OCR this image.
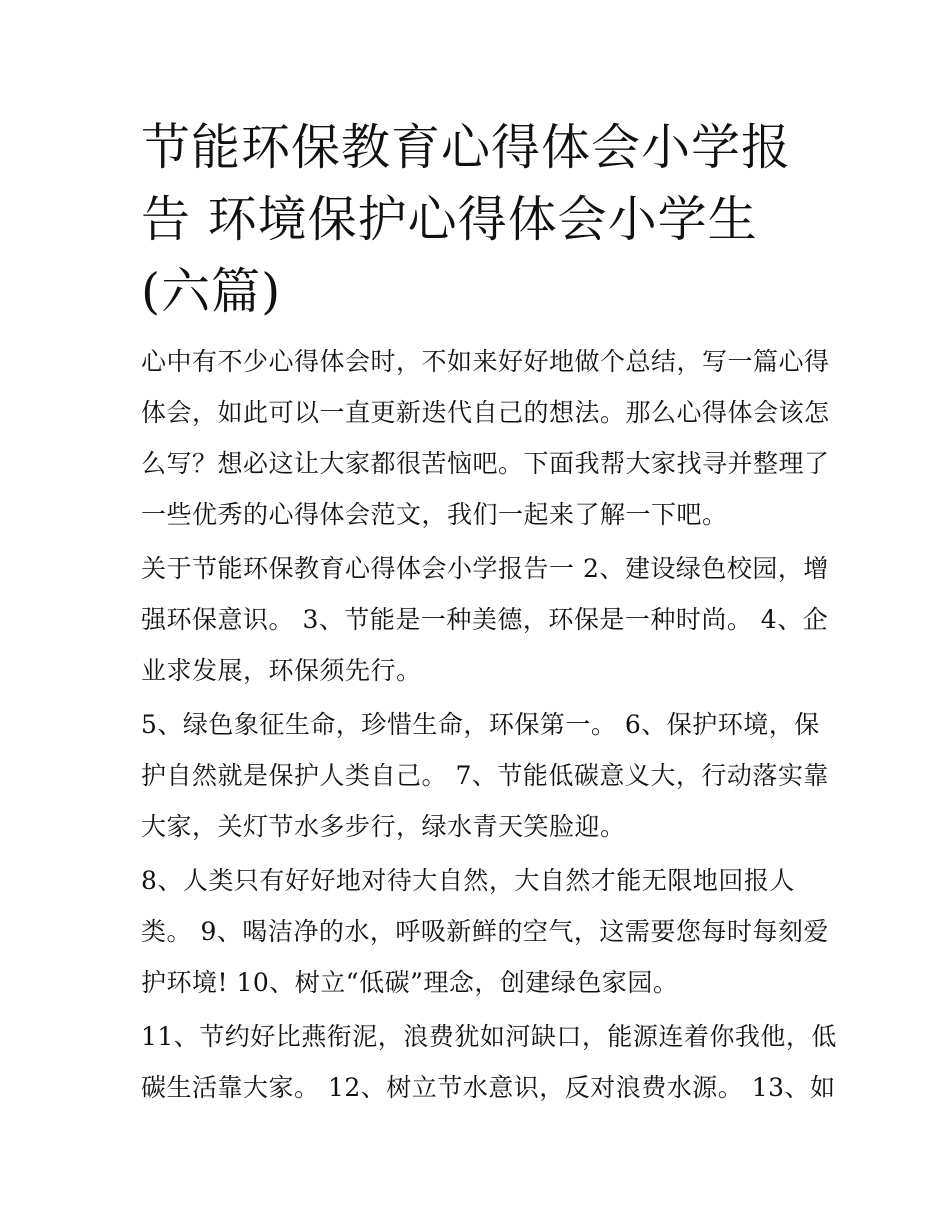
节能环保教育心得体会小学报
告 环境保护心得体会小学生
(六篇)

心中有不少心得体会时，不如来好好地做个总结，写一篇心得
体会，如此可以一直更新迭代自己的想法。那么心得体会该怎
么写？想必这让大家都很苦恼吧。下面我帮大家找寻并整理了
一些优秀的心得体会范文，我们一起来了解一下吧。

关于节能环保教育心得体会小学报告一 2、建设绿色校园，增
强环保意识。 3、节能是一种美德，环保是一种时尚。 4、企
业求发展，环保须先行。

5、绿色象征生命，珍惜生命，环保第一。 6、保护环境，保
护自然就是保护人类自己。 7、节能低碳意义大，行动落实靠
大家，关灯节水多步行，绿水青天笑脸迎。

8、人类只有好好地对待大自然，大自然才能无限地回报人
类。 9、喝洁净的水，呼吸新鲜的空气，这需要您每时每刻爱
护环境! 10、树立“低碳”理念，创建绿色家园。

11、节约好比燕衔泥，浪费犹如河缺口，能源连着你我他，低
碳生活靠大家。 12、树立节水意识，反对浪费水源。 13、如
